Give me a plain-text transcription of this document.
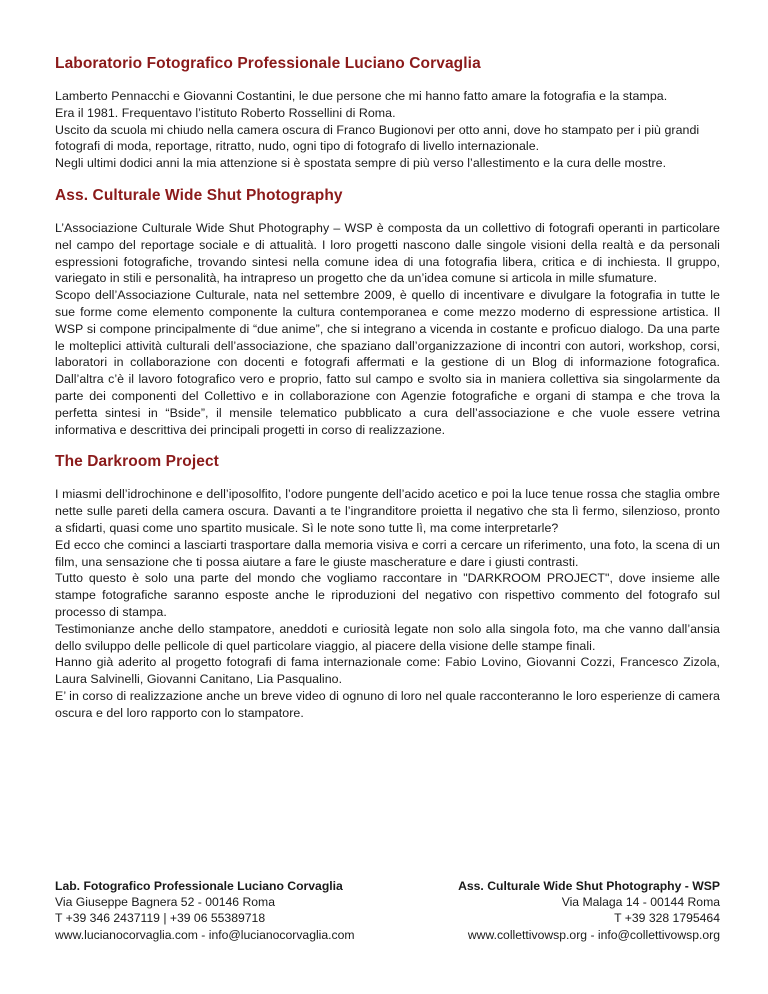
Laboratorio Fotografico Professionale Luciano Corvaglia

Lamberto Pennacchi e Giovanni Costantini, le due persone che mi hanno fatto amare la fotografia e la stampa.

Era il 1981. Frequentavo l’istituto Roberto Rossellini di Roma.

Uscito da scuola mi chiudo nella camera oscura di Franco Bugionovi per otto anni, dove ho stampato per i più grandi fotografi di moda, reportage, ritratto, nudo, ogni tipo di fotografo di livello internazionale.

Negli ultimi dodici anni la mia attenzione si è spostata sempre di più verso l’allestimento e la cura delle mostre.

Ass. Culturale Wide Shut Photography

L’Associazione Culturale Wide Shut Photography – WSP è composta da un collettivo di fotografi operanti in particolare nel campo del reportage sociale e di attualità. I loro progetti nascono dalle singole visioni della realtà e da personali espressioni fotografiche, trovando sintesi nella comune idea di una fotografia libera, critica e di inchiesta. Il gruppo, variegato in stili e personalità, ha intrapreso un progetto che da un’idea comune si articola in mille sfumature.

Scopo dell’Associazione Culturale, nata nel settembre 2009, è quello di incentivare e divulgare la fotografia in tutte le sue forme come elemento componente la cultura contemporanea e come mezzo moderno di espressione artistica. Il WSP si compone principalmente di “due anime”, che si integrano a vicenda in costante e proficuo dialogo. Da una parte le molteplici attività culturali dell’associazione, che spaziano dall’organizzazione di incontri con autori, workshop, corsi, laboratori in collaborazione con docenti e fotografi affermati e la gestione di un Blog di informazione fotografica. Dall’altra c’è il lavoro fotografico vero e proprio, fatto sul campo e svolto sia in maniera collettiva sia singolarmente da parte dei componenti del Collettivo e in collaborazione con Agenzie fotografiche e organi di stampa e che trova la perfetta sintesi in “Bside”, il mensile telematico pubblicato a cura dell’associazione e che vuole essere vetrina informativa e descrittiva dei principali progetti in corso di realizzazione.

The Darkroom Project

I miasmi dell’idrochinone e dell’iposolfito, l’odore pungente dell’acido acetico e poi la luce tenue rossa che staglia ombre nette sulle pareti della camera oscura. Davanti a te l’ingranditore proietta il negativo che sta lì fermo, silenzioso, pronto a sfidarti, quasi come uno spartito musicale. Sì le note sono tutte lì, ma come interpretarle?

Ed ecco che cominci a lasciarti trasportare dalla memoria visiva e corri a cercare un riferimento, una foto, la scena di un film, una sensazione che ti possa aiutare a fare le giuste mascherature e dare i giusti contrasti.

Tutto questo è solo una parte del mondo che vogliamo raccontare in "DARKROOM PROJECT", dove insieme alle stampe fotografiche saranno esposte anche le riproduzioni del negativo con rispettivo commento del fotografo sul processo di stampa.

Testimonianze anche dello stampatore, aneddoti e curiosità legate non solo alla singola foto, ma che vanno dall’ansia dello sviluppo delle pellicole di quel particolare viaggio, al piacere della visione delle stampe finali.

Hanno già aderito al progetto fotografi di fama internazionale come: Fabio Lovino, Giovanni Cozzi, Francesco Zizola, Laura Salvinelli, Giovanni Canitano, Lia Pasqualino.

E’ in corso di realizzazione anche un breve video di ognuno di loro nel quale racconteranno le loro esperienze di camera oscura e del loro rapporto con lo stampatore.

Lab. Fotografico Professionale Luciano Corvaglia
Via Giuseppe Bagnera 52 - 00146 Roma
T +39 346 2437119 | +39 06 55389718
www.lucianocorvaglia.com - info@lucianocorvaglia.com
Ass. Culturale Wide Shut Photography - WSP
Via Malaga 14 - 00144 Roma
T +39 328 1795464
www.collettivowsp.org - info@collettivowsp.org
